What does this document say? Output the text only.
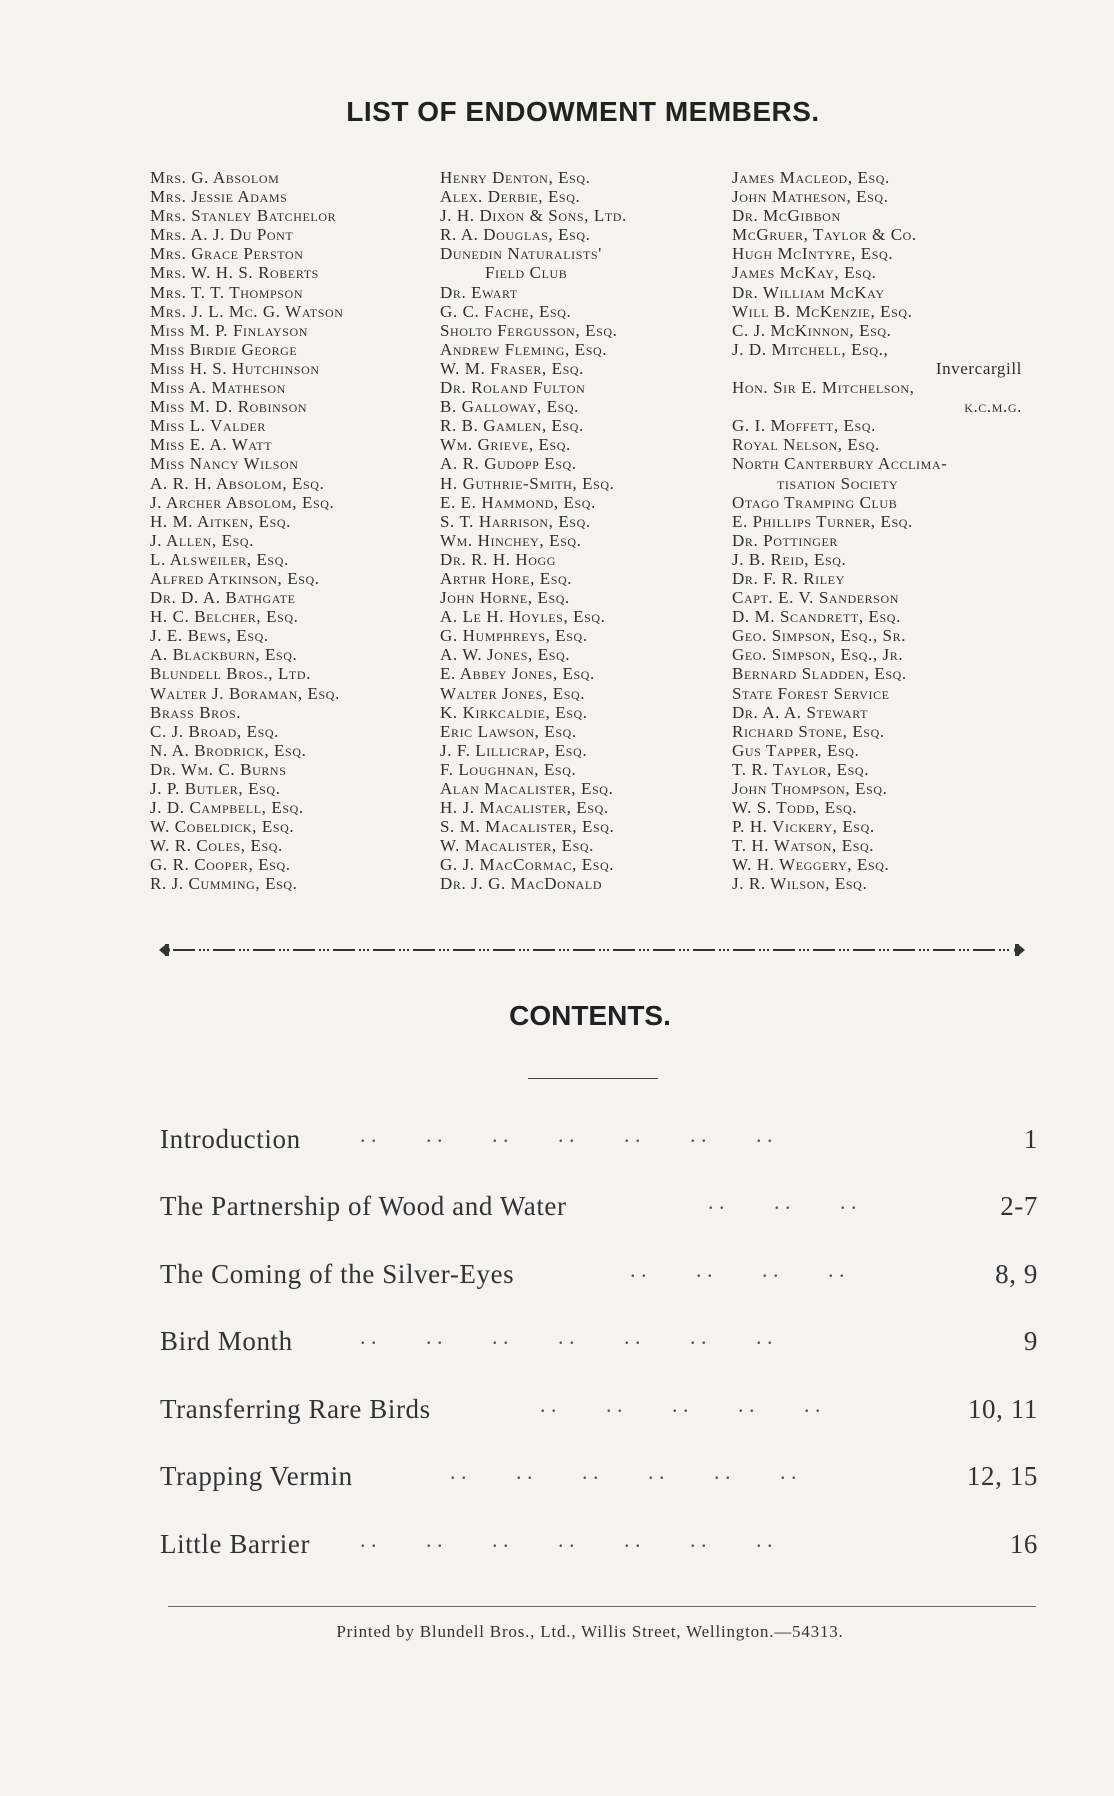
LIST OF ENDOWMENT MEMBERS.
Mrs. G. Absolom
Mrs. Jessie Adams
Mrs. Stanley Batchelor
Mrs. A. J. Du Pont
Mrs. Grace Perston
Mrs. W. H. S. Roberts
Mrs. T. T. Thompson
Mrs. J. L. Mc. G. Watson
Miss M. P. Finlayson
Miss Birdie George
Miss H. S. Hutchinson
Miss A. Matheson
Miss M. D. Robinson
Miss L. Valder
Miss E. A. Watt
Miss Nancy Wilson
A. R. H. Absolom, Esq.
J. Archer Absolom, Esq.
H. M. Aitken, Esq.
J. Allen, Esq.
L. Alsweiler, Esq.
Alfred Atkinson, Esq.
Dr. D. A. Bathgate
H. C. Belcher, Esq.
J. E. Bews, Esq.
A. Blackburn, Esq.
Blundell Bros., Ltd.
Walter J. Boraman, Esq.
Brass Bros.
C. J. Broad, Esq.
N. A. Brodrick, Esq.
Dr. Wm. C. Burns
J. P. Butler, Esq.
J. D. Campbell, Esq.
W. Cobeldick, Esq.
W. R. Coles, Esq.
G. R. Cooper, Esq.
R. J. Cumming, Esq.
Henry Denton, Esq.
Alex. Derbie, Esq.
J. H. Dixon & Sons, Ltd.
R. A. Douglas, Esq.
Dunedin Naturalists'
Field Club
Dr. Ewart
G. C. Fache, Esq.
Sholto Fergusson, Esq.
Andrew Fleming, Esq.
W. M. Fraser, Esq.
Dr. Roland Fulton
B. Galloway, Esq.
R. B. Gamlen, Esq.
Wm. Grieve, Esq.
A. R. Gudopp Esq.
H. Guthrie-Smith, Esq.
E. E. Hammond, Esq.
S. T. Harrison, Esq.
Wm. Hinchey, Esq.
Dr. R. H. Hogg
Arthr Hore, Esq.
John Horne, Esq.
A. Le H. Hoyles, Esq.
G. Humphreys, Esq.
A. W. Jones, Esq.
E. Abbey Jones, Esq.
Walter Jones, Esq.
K. Kirkcaldie, Esq.
Eric Lawson, Esq.
J. F. Lillicrap, Esq.
F. Loughnan, Esq.
Alan Macalister, Esq.
H. J. Macalister, Esq.
S. M. Macalister, Esq.
W. Macalister, Esq.
G. J. MacCormac, Esq.
Dr. J. G. MacDonald
James Macleod, Esq.
John Matheson, Esq.
Dr. McGibbon
McGruer, Taylor & Co.
Hugh McIntyre, Esq.
James McKay, Esq.
Dr. William McKay
Will B. McKenzie, Esq.
C. J. McKinnon, Esq.
J. D. Mitchell, Esq.,
Invercargill
Hon. Sir E. Mitchelson,
k.c.m.g.
G. I. Moffett, Esq.
Royal Nelson, Esq.
North Canterbury Acclima-
tisation Society
Otago Tramping Club
E. Phillips Turner, Esq.
Dr. Pottinger
J. B. Reid, Esq.
Dr. F. R. Riley
Capt. E. V. Sanderson
D. M. Scandrett, Esq.
Geo. Simpson, Esq., Sr.
Geo. Simpson, Esq., Jr.
Bernard Sladden, Esq.
State Forest Service
Dr. A. A. Stewart
Richard Stone, Esq.
Gus Tapper, Esq.
T. R. Taylor, Esq.
John Thompson, Esq.
W. S. Todd, Esq.
P. H. Vickery, Esq.
T. H. Watson, Esq.
W. H. Weggery, Esq.
J. R. Wilson, Esq.
CONTENTS.
Introduction	. .         . .         . .         . .         . .         . .         . .	1
The Partnership of Wood and Water	. .         . .         . .	2-7
The Coming of the Silver-Eyes	. .         . .         . .         . .	8, 9
Bird Month	. .         . .         . .         . .         . .         . .         . .	9
Transferring Rare Birds	. .         . .         . .         . .         . .	10, 11
Trapping Vermin	. .         . .         . .         . .         . .         . .	12, 15
Little Barrier . .         . .         . .         . .         . .         . .         . .	16
Printed by Blundell Bros., Ltd., Willis Street, Wellington.—54313.
